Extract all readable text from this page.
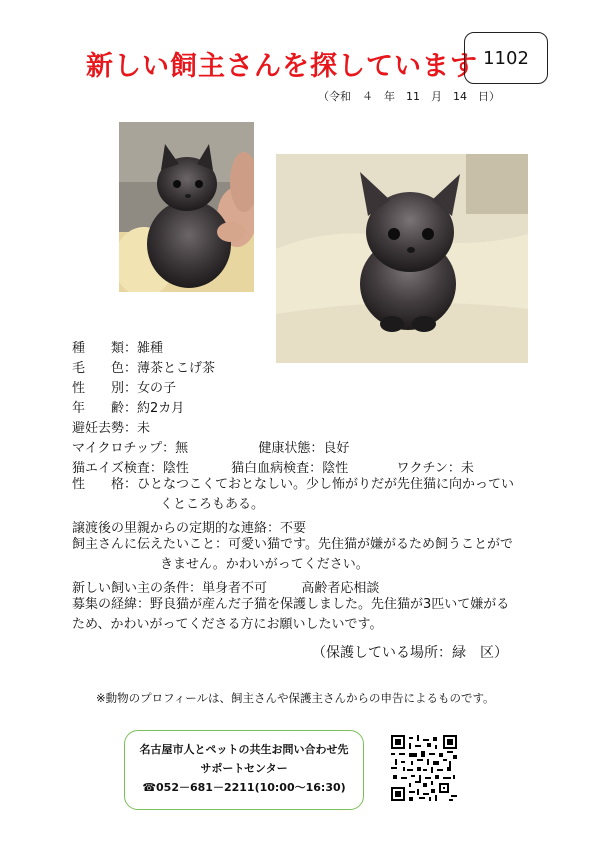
新しい飼主さんを探しています 1102
（令和　４　年　11　月　14　日）
種　　類：雑種
毛　　色：薄茶とこげ茶
性　　別：女の子
年　　齢：約2カ月
避妊去勢：未
マイクロチップ：無	健康状態：良好
猫エイズ検査：陰性	猫白血病検査：陰性	ワクチン：未
性　　格：ひとなつこくておとなしい。少し怖がりだが先住猫に向かってい
くところもある。
譲渡後の里親からの定期的な連絡：不要
飼主さんに伝えたいこと：可愛い猫です。先住猫が嫌がるため飼うことがで
きません。かわいがってください。
新しい飼い主の条件：単身者不可	高齢者応相談
募集の経緯：野良猫が産んだ子猫を保護しました。先住猫が3匹いて嫌がる
ため、かわいがってくださる方にお願いしたいです。
（保護している場所：緑　区）
※動物のプロフィールは、飼主さんや保護主さんからの申告によるものです。
名古屋市人とペットの共生お問い合わせ先
サポートセンター
☎052－681－2211(10:00～16:30)
